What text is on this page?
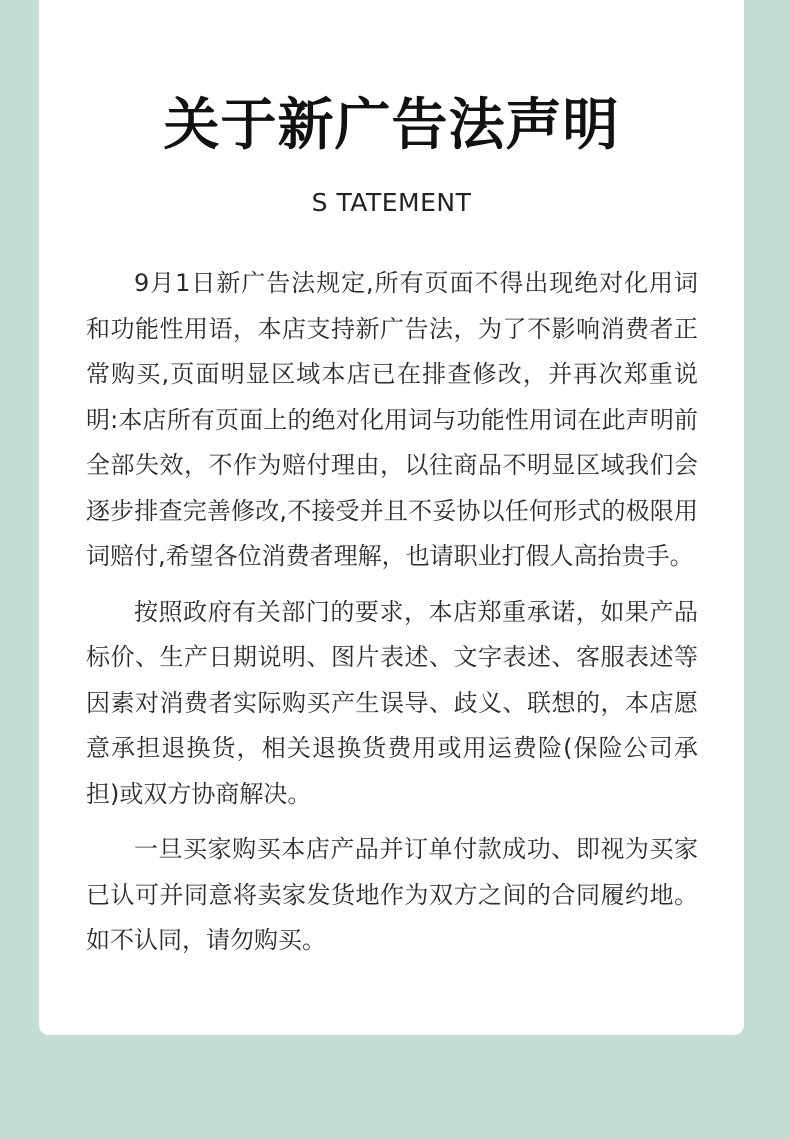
关于新广告法声明
S TATEMENT

9月1日新广告法规定,所有页面不得出现绝对化用词和功能性用语，本店支持新广告法，为了不影响消费者正常购买,页面明显区域本店已在排查修改，并再次郑重说明:本店所有页面上的绝对化用词与功能性用词在此声明前全部失效，不作为赔付理由，以往商品不明显区域我们会逐步排查完善修改,不接受并且不妥协以任何形式的极限用词赔付,希望各位消费者理解，也请职业打假人高抬贵手。

按照政府有关部门的要求，本店郑重承诺，如果产品标价、生产日期说明、图片表述、文字表述、客服表述等因素对消费者实际购买产生误导、歧义、联想的，本店愿意承担退换货，相关退换货费用或用运费险(保险公司承担)或双方协商解决。

一旦买家购买本店产品并订单付款成功、即视为买家已认可并同意将卖家发货地作为双方之间的合同履约地。如不认同，请勿购买。
